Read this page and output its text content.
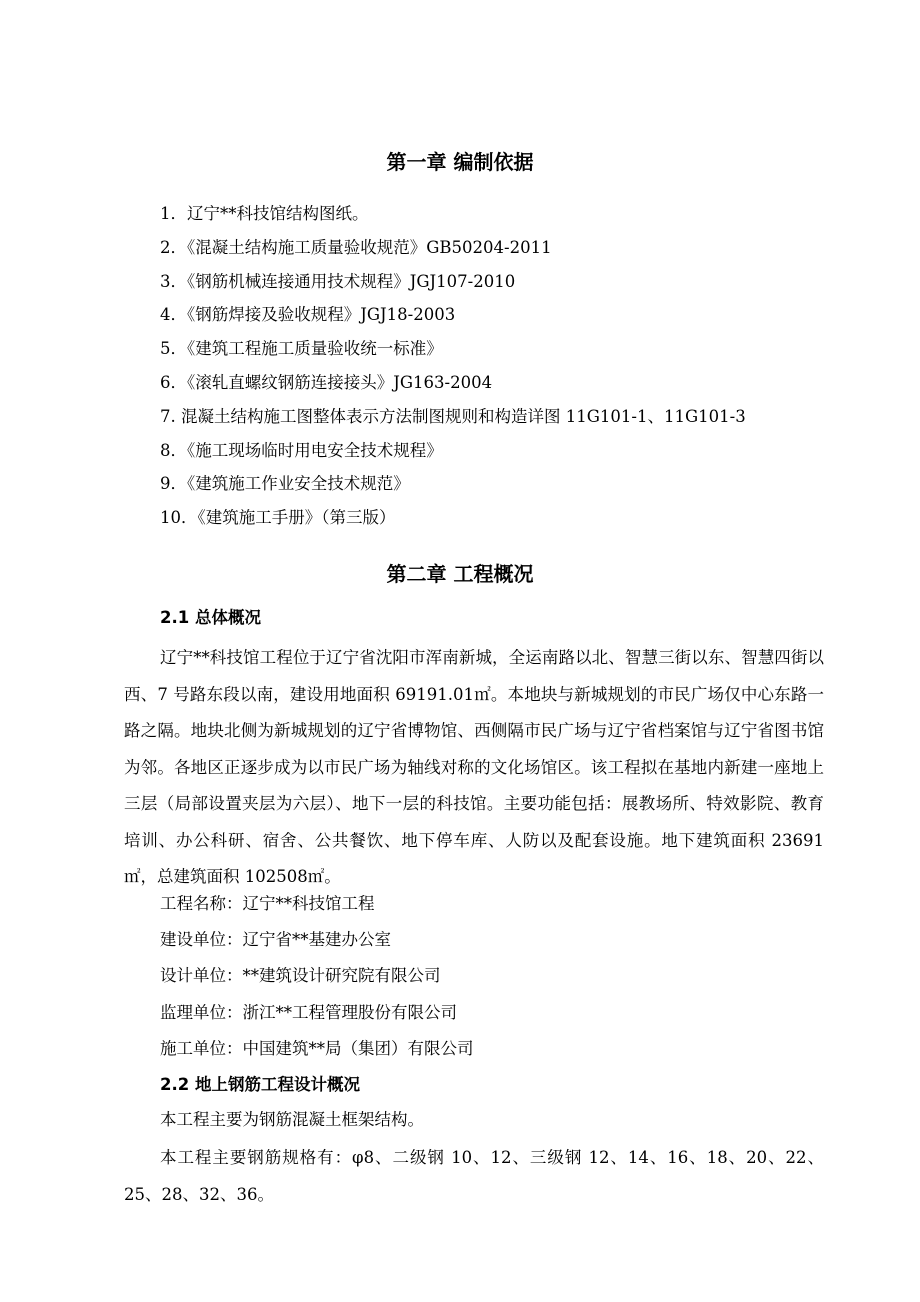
第一章 编制依据
1．辽宁**科技馆结构图纸。
2．《混凝土结构施工质量验收规范》GB50204-2011
3．《钢筋机械连接通用技术规程》JGJ107-2010
4．《钢筋焊接及验收规程》JGJ18-2003
5．《建筑工程施工质量验收统一标准》
6．《滚轧直螺纹钢筋连接接头》JG163-2004
7. 混凝土结构施工图整体表示方法制图规则和构造详图 11G101-1、11G101-3
8．《施工现场临时用电安全技术规程》
9．《建筑施工作业安全技术规范》
10．《建筑施工手册》（第三版）
第二章 工程概况
2.1 总体概况

辽宁**科技馆工程位于辽宁省沈阳市浑南新城，全运南路以北、智慧三街以东、智慧四街以西、7 号路东段以南，建设用地面积 69191.01㎡。本地块与新城规划的市民广场仅中心东路一路之隔。地块北侧为新城规划的辽宁省博物馆、西侧隔市民广场与辽宁省档案馆与辽宁省图书馆为邻。各地区正逐步成为以市民广场为轴线对称的文化场馆区。该工程拟在基地内新建一座地上三层（局部设置夹层为六层）、地下一层的科技馆。主要功能包括：展教场所、特效影院、教育培训、办公科研、宿舍、公共餐饮、地下停车库、人防以及配套设施。地下建筑面积 23691㎡，总建筑面积 102508㎡。

工程名称：辽宁**科技馆工程
建设单位：辽宁省**基建办公室
设计单位：**建筑设计研究院有限公司
监理单位：浙江**工程管理股份有限公司
施工单位：中国建筑**局（集团）有限公司
2.2 地上钢筋工程设计概况

本工程主要为钢筋混凝土框架结构。

本工程主要钢筋规格有：φ8、二级钢 10、12、三级钢 12、14、16、18、20、22、25、28、32、36。
